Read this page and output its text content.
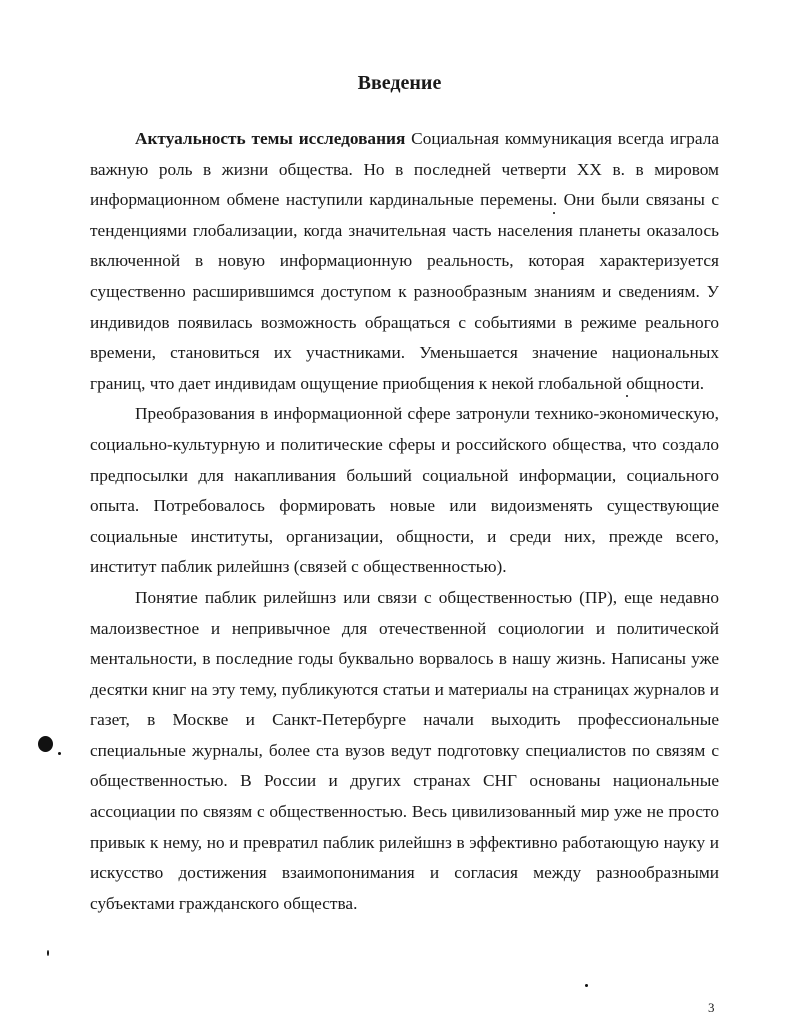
Введение

Актуальность темы исследования Социальная коммуникация всегда играла важную роль в жизни общества. Но в последней четверти XX в. в мировом информационном обмене наступили кардинальные перемены. Они были связаны с тенденциями глобализации, когда значительная часть населения планеты оказалось включенной в новую информационную реальность, которая характеризуется существенно расширившимся доступом к разнообразным знаниям и сведениям. У индивидов появилась возможность обращаться с событиями в режиме реального времени, становиться их участниками. Уменьшается значение национальных границ, что дает индивидам ощущение приобщения к некой глобальной общности.

Преобразования в информационной сфере затронули технико-экономическую, социально-культурную и политические сферы и российского общества, что создало предпосылки для накапливания больший социальной информации, социального опыта. Потребовалось формировать новые или видоизменять существующие социальные институты, организации, общности, и среди них, прежде всего, институт паблик рилейшнз (связей с общественностью).

Понятие паблик рилейшнз или связи с общественностью (ПР), еще недавно малоизвестное и непривычное для отечественной социологии и политической ментальности, в последние годы буквально ворвалось в нашу жизнь. Написаны уже десятки книг на эту тему, публикуются статьи и материалы на страницах журналов и газет, в Москве и Санкт-Петербурге начали выходить профессиональные специальные журналы, более ста вузов ведут подготовку специалистов по связям с общественностью. В России и других странах СНГ основаны национальные ассоциации по связям с общественностью. Весь цивилизованный мир уже не просто привык к нему, но и превратил паблик рилейшнз в эффективно работающую науку и искусство достижения взаимопонимания и согласия между разнообразными субъектами гражданского общества.

3
